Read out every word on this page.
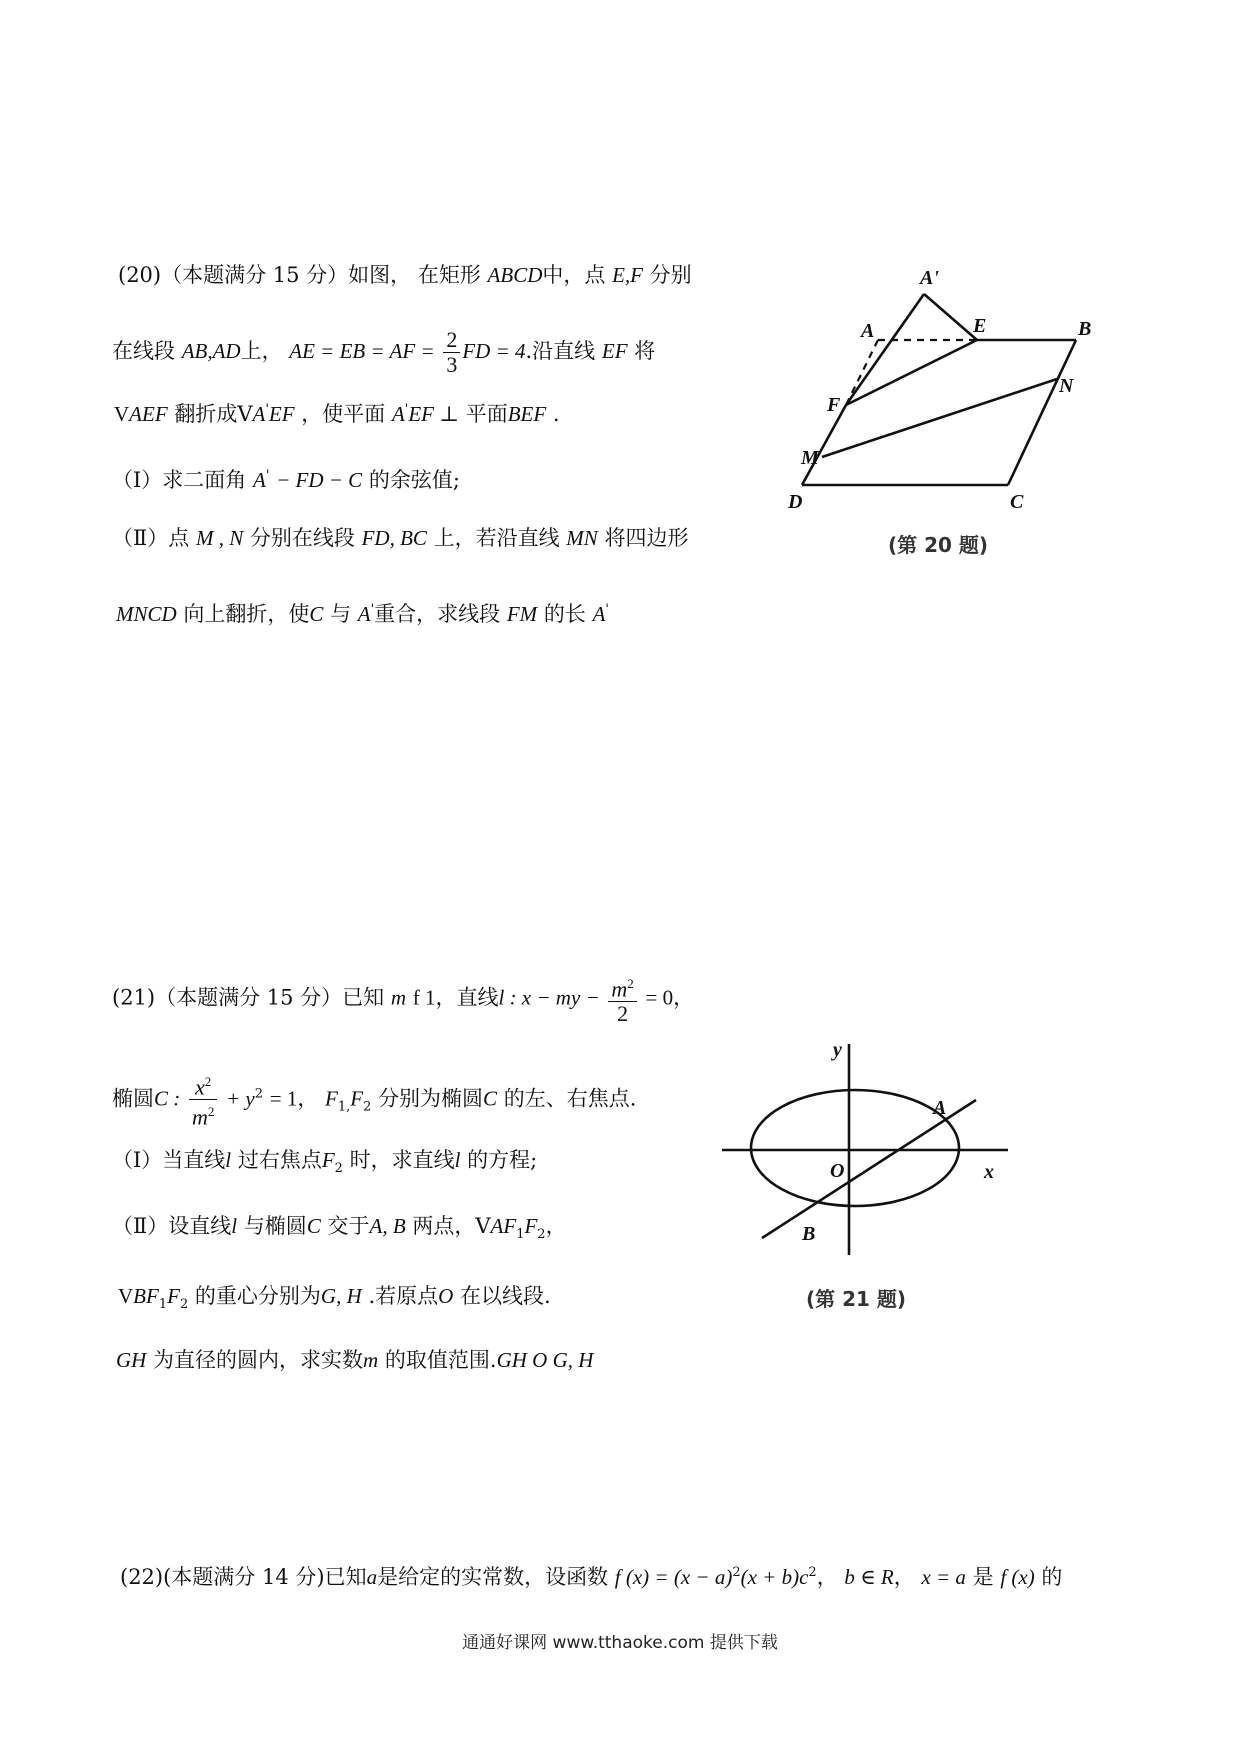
(20)（本题满分 15 分）如图， 在矩形 ABCD中，点 E,F 分别
在线段 AB,AD上， AE = EB = AF = $\frac{2}{3}$ FD = 4.沿直线 EF 将
VAEF 翻折成VA'EF ，使平面 A'EF ⊥ 平面BEF .
（Ⅰ）求二面角 A' − FD − C 的余弦值;
（Ⅱ）点 M , N 分别在线段 FD, BC 上，若沿直线 MN 将四边形
MNCD 向上翻折，使C 与 A'重合，求线段 FM 的长 A'
A'
A	E	B
F
N
M
D	C
(第 20 题)
(21)（本题满分 15 分）已知 m f 1，直线l : x − my − $\frac{m^2}{2} = 0$，
椭圆C : $\frac{x^2}{m^2} + y^2 = 1$， $F_{1,}F_2$ 分别为椭圆C 的左、右焦点.
（Ⅰ）当直线l 过右焦点$F_2$ 时，求直线l 的方程;
（Ⅱ）设直线l 与椭圆C 交于A, B 两点，$VAF_1F_2$，
$VBF_1F_2$ 的重心分别为G, H .若原点O 在以线段.
GH 为直径的圆内，求实数m 的取值范围.GH O G, H
y
x
O
A
B
(第 21 题)
(22)(本题满分 14 分)已知a是给定的实常数，设函数 f $(x) = (x - a)^2(x + b)c^2$， b ∈ R， x = a 是 f (x) 的
通通好课网 www.tthaoke.com 提供下载
